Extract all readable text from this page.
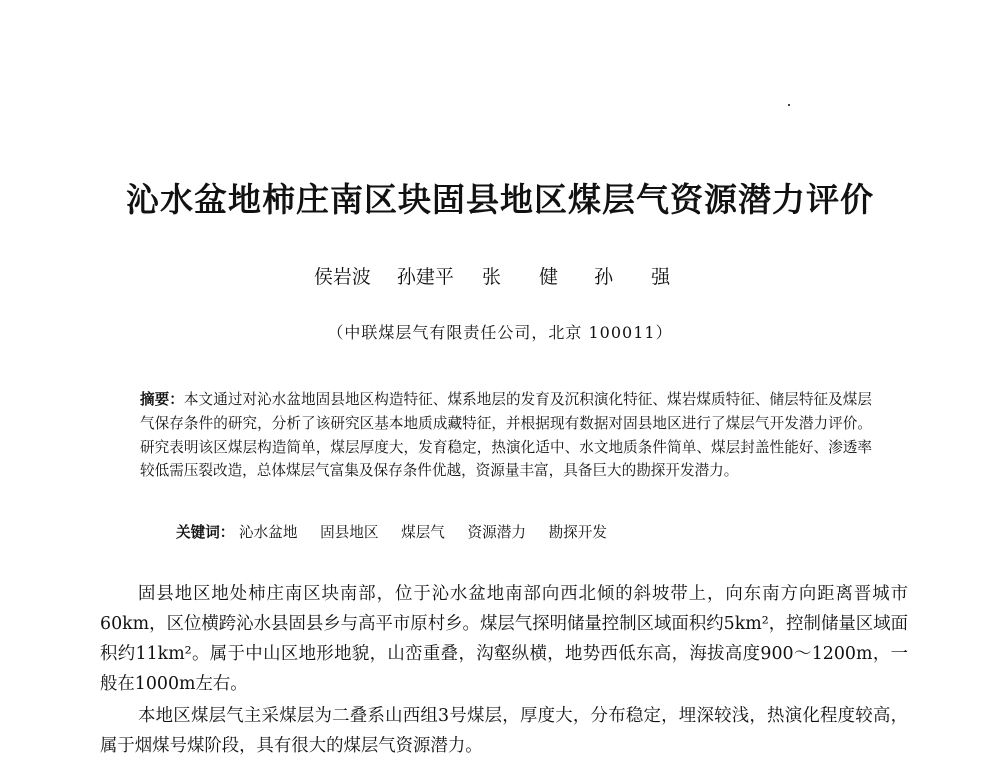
沁水盆地柿庄南区块固县地区煤层气资源潜力评价
侯岩波 孙建平 张 健 孙 强
（中联煤层气有限责任公司，北京 100011）
摘要：本文通过对沁水盆地固县地区构造特征、煤系地层的发育及沉积演化特征、煤岩煤质特征、储层特征及煤层气保存条件的研究，分析了该研究区基本地质成藏特征，并根据现有数据对固县地区进行了煤层气开发潜力评价。研究表明该区煤层构造简单，煤层厚度大，发育稳定，热演化适中、水文地质条件简单、煤层封盖性能好、渗透率较低需压裂改造，总体煤层气富集及保存条件优越，资源量丰富，具备巨大的勘探开发潜力。
关键词： 沁水盆地 固县地区 煤层气 资源潜力 勘探开发
固县地区地处柿庄南区块南部，位于沁水盆地南部向西北倾的斜坡带上，向东南方向距离晋城市60km，区位横跨沁水县固县乡与高平市原村乡。煤层气探明储量控制区域面积约5km²，控制储量区域面积约11km²。属于中山区地形地貌，山峦重叠，沟壑纵横，地势西低东高，海拔高度900～1200m，一般在1000m左右。
本地区煤层气主采煤层为二叠系山西组3号煤层，厚度大，分布稳定，埋深较浅，热演化程度较高，属于烟煤号煤阶段，具有很大的煤层气资源潜力。
